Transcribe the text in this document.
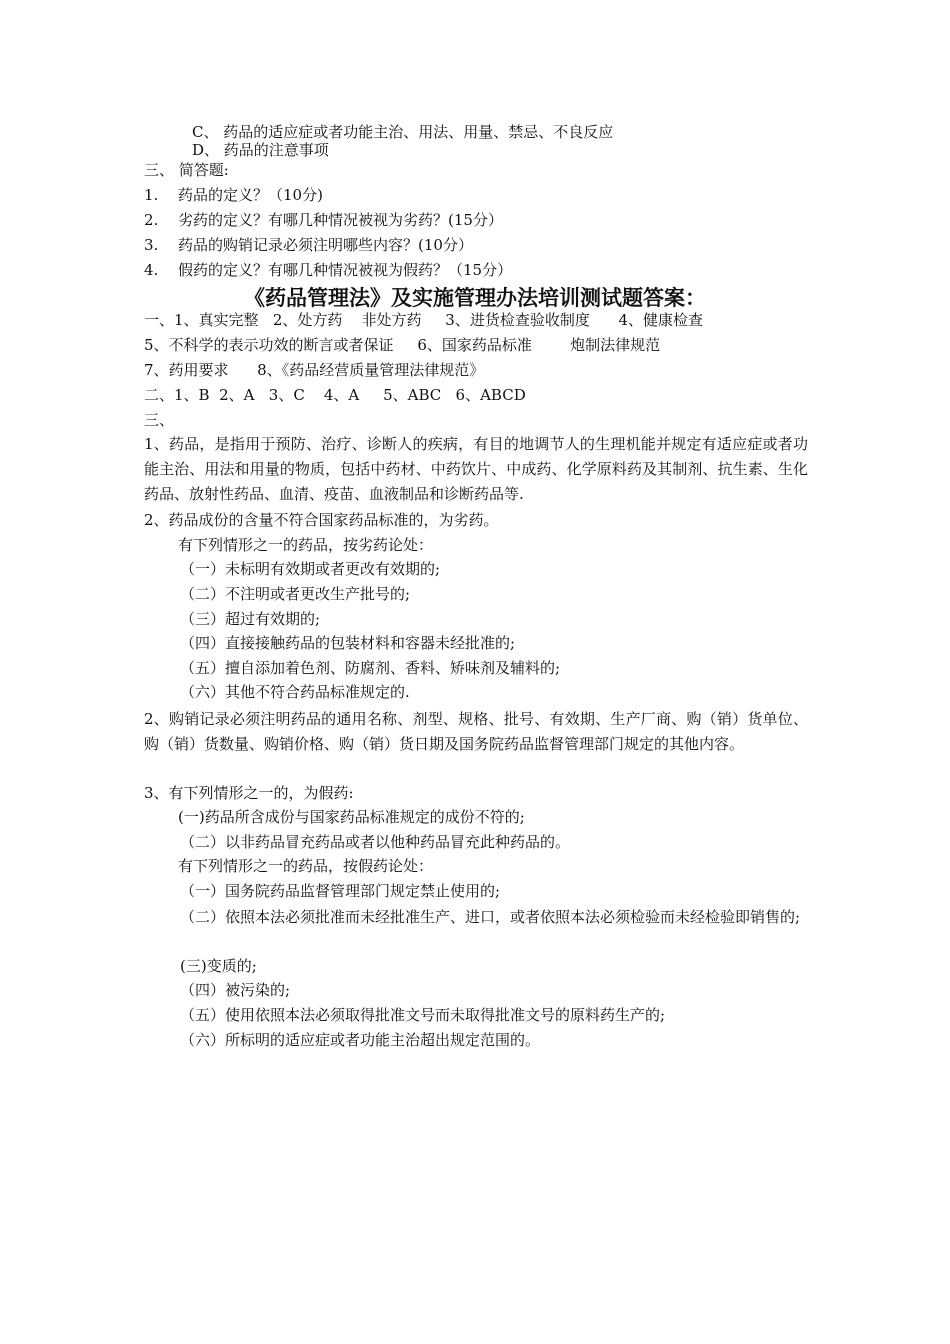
C、 药品的适应症或者功能主治、用法、用量、禁忌、不良反应
D、 药品的注意事项
三、 简答题:
1. 药品的定义？（10分)
2. 劣药的定义？有哪几种情况被视为劣药？(15分）
3. 药品的购销记录必须注明哪些内容？(10分）
4. 假药的定义？有哪几种情况被视为假药？（15分）
《药品管理法》及实施管理办法培训测试题答案：
一、1、真实完整   2、处方药    非处方药     3、进货检查验收制度      4、健康检查
5、不科学的表示功效的断言或者保证     6、国家药品标准        炮制法律规范
7、药用要求      8、《药品经营质量管理法律规范》
二、1、B  2、A   3、C    4、A     5、ABC   6、ABCD
三、
1、药品，是指用于预防、治疗、诊断人的疾病，有目的地调节人的生理机能并规定有适应症或者功能主治、用法和用量的物质，包括中药材、中药饮片、中成药、化学原料药及其制剂、抗生素、生化药品、放射性药品、血清、疫苗、血液制品和诊断药品等.
2、药品成份的含量不符合国家药品标准的，为劣药。
有下列情形之一的药品，按劣药论处：
（一）未标明有效期或者更改有效期的;
（二）不注明或者更改生产批号的;
（三）超过有效期的;
（四）直接接触药品的包装材料和容器未经批准的;
（五）擅自添加着色剂、防腐剂、香料、矫味剂及辅料的;
（六）其他不符合药品标准规定的.
2、购销记录必须注明药品的通用名称、剂型、规格、批号、有效期、生产厂商、购（销）货单位、购（销）货数量、购销价格、购（销）货日期及国务院药品监督管理部门规定的其他内容。
3、有下列情形之一的，为假药:
(一)药品所含成份与国家药品标准规定的成份不符的;
（二）以非药品冒充药品或者以他种药品冒充此种药品的。
有下列情形之一的药品，按假药论处：
（一）国务院药品监督管理部门规定禁止使用的;
（二）依照本法必须批准而未经批准生产、进口，或者依照本法必须检验而未经检验即销售的;
(三)变质的;
（四）被污染的;
（五）使用依照本法必须取得批准文号而未取得批准文号的原料药生产的;
（六）所标明的适应症或者功能主治超出规定范围的。
